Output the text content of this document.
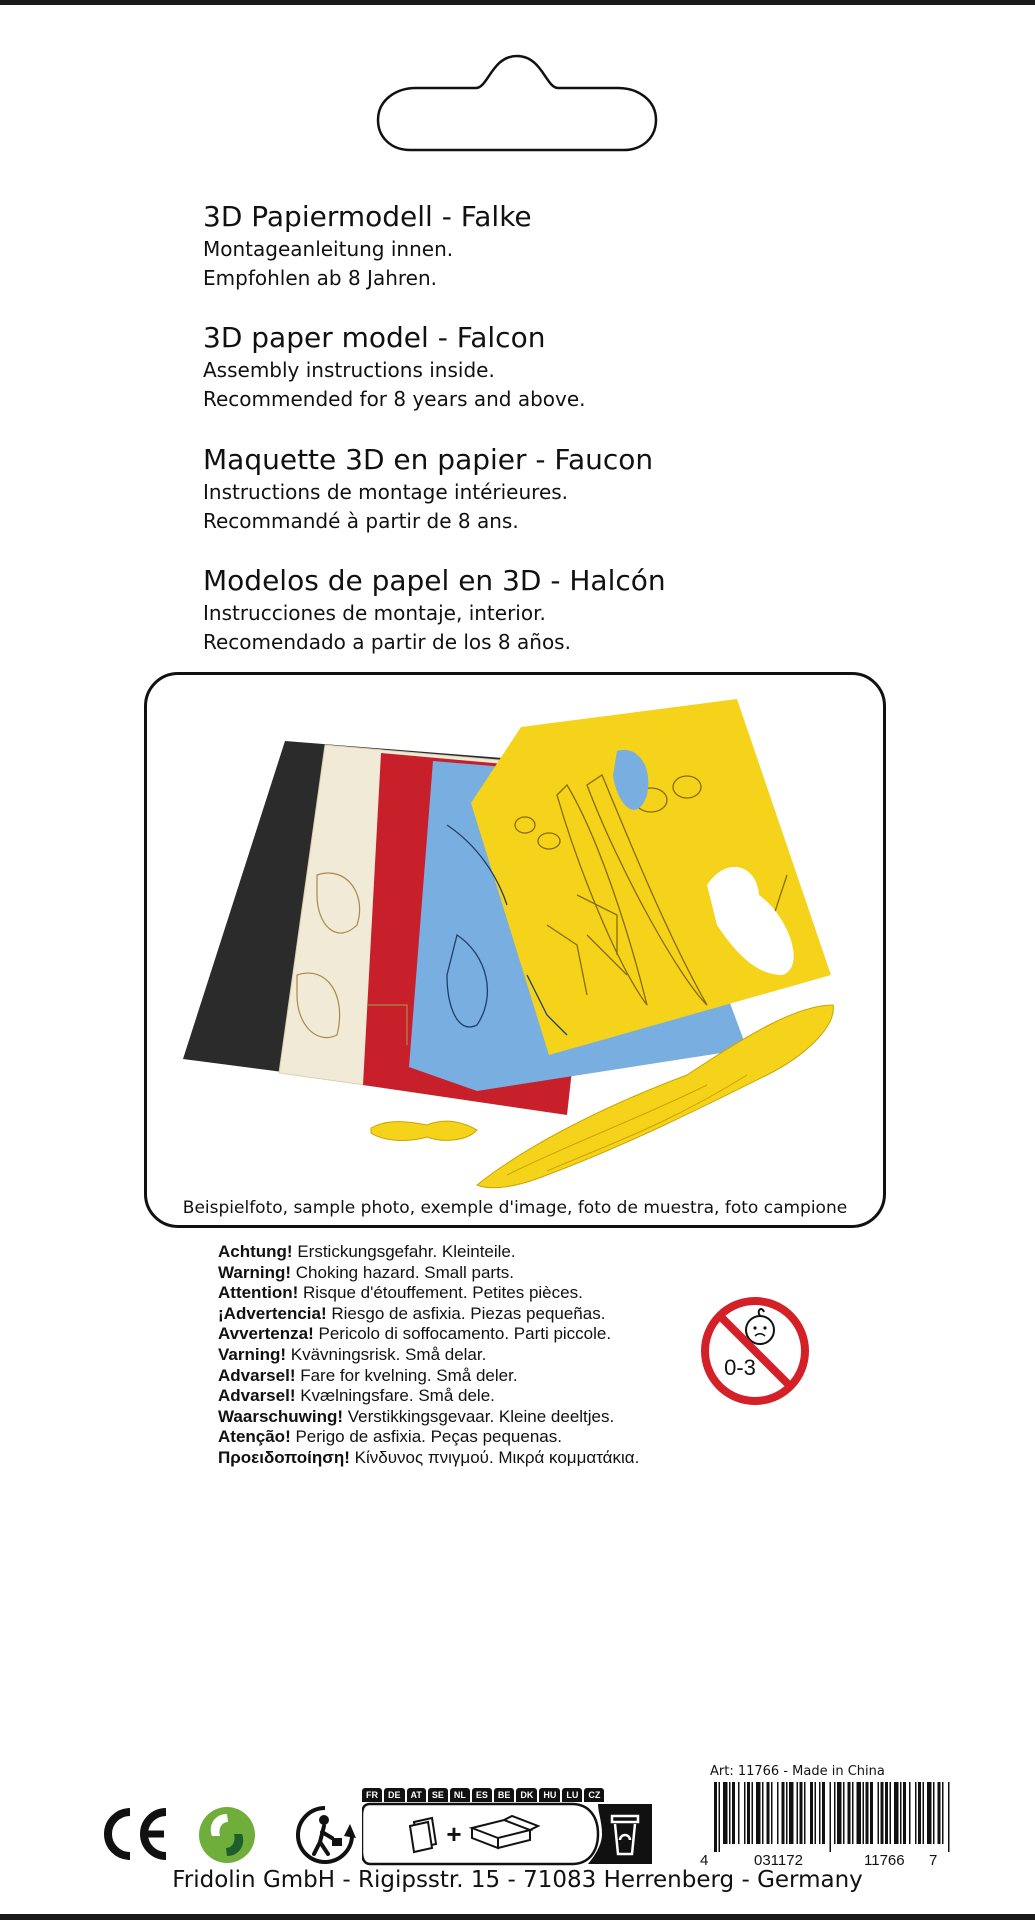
3D Papiermodell - Falke
Montageanleitung innen.
Empfohlen ab 8 Jahren.
3D paper model - Falcon
Assembly instructions inside.
Recommended for 8 years and above.
Maquette 3D en papier - Faucon
Instructions de montage intérieures.
Recommandé à partir de 8 ans.
Modelos de papel en 3D - Halcón
Instrucciones de montaje, interior.
Recomendado a partir de los 8 años.
Beispielfoto, sample photo, exemple d'image, foto de muestra, foto campione
Achtung! Erstickungsgefahr. Kleinteile.
Warning! Choking hazard. Small parts.
Attention! Risque d'étouffement. Petites pièces.
¡Advertencia! Riesgo de asfixia. Piezas pequeñas.
Avvertenza! Pericolo di soffocamento. Parti piccole.
Varning! Kvävningsrisk. Små delar.
Advarsel! Fare for kvelning. Små deler.
Advarsel! Kvælningsfare. Små dele.
Waarschuwing! Verstikkingsgevaar. Kleine deeltjes.
Atenção! Perigo de asfixia. Peças pequenas.
Προειδοποίηση! Κίνδυνος πνιγμού. Μικρά κομματάκια.
0-3
FR	DE	AT	SE	NL	ES	BE	DK	HU	LU	CZ
+
Art: 11766 - Made in China
4	031172	11766 7
Fridolin GmbH - Rigipsstr. 15 - 71083 Herrenberg - Germany
